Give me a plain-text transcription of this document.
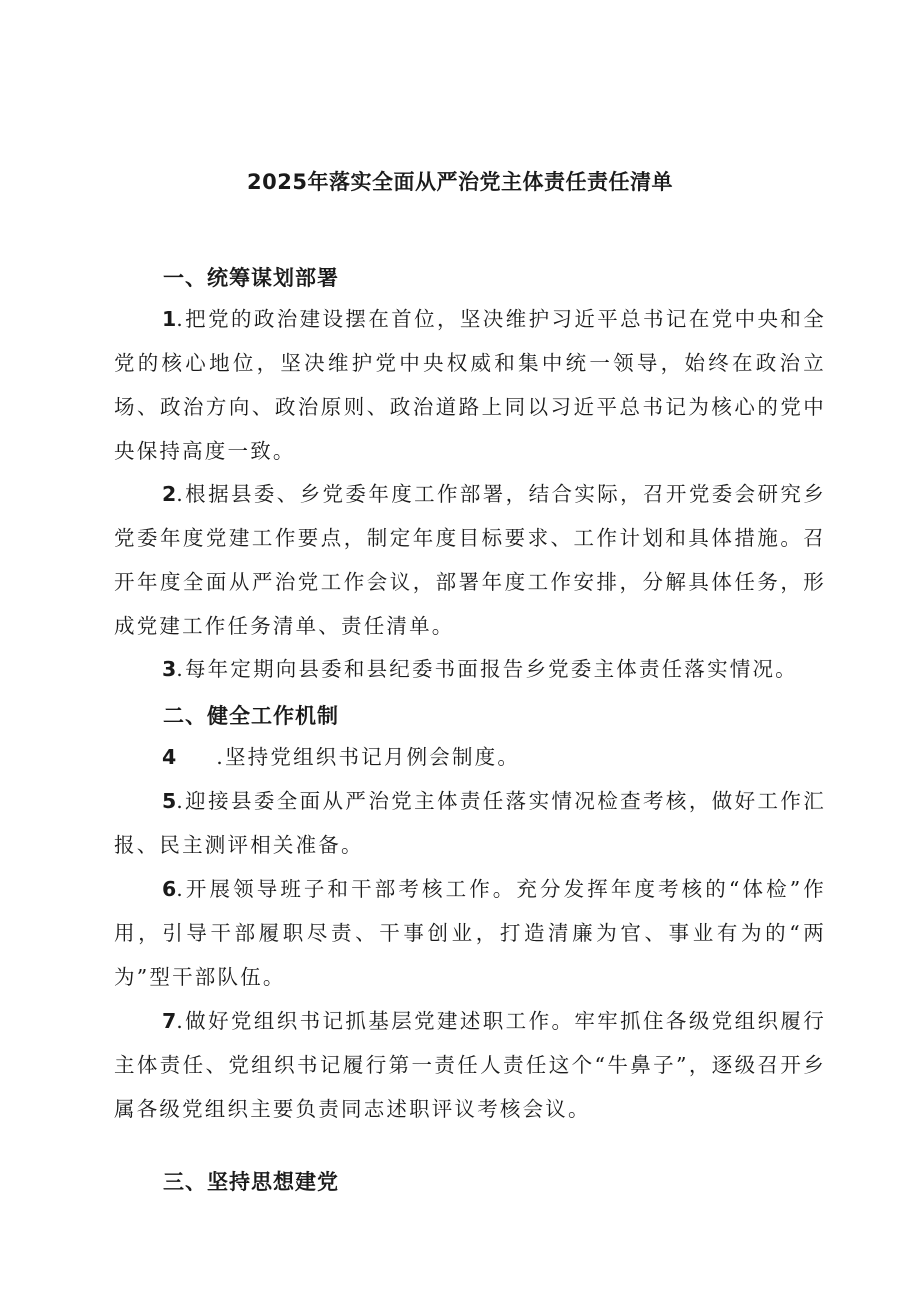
2025年落实全面从严治党主体责任责任清单
一、统筹谋划部署

1.把党的政治建设摆在首位，坚决维护习近平总书记在党中央和全党的核心地位，坚决维护党中央权威和集中统一领导，始终在政治立场、政治方向、政治原则、政治道路上同以习近平总书记为核心的党中央保持高度一致。

2.根据县委、乡党委年度工作部署，结合实际，召开党委会研究乡党委年度党建工作要点，制定年度目标要求、工作计划和具体措施。召开年度全面从严治党工作会议，部署年度工作安排，分解具体任务，形成党建工作任务清单、责任清单。

3.每年定期向县委和县纪委书面报告乡党委主体责任落实情况。

二、健全工作机制

4 .坚持党组织书记月例会制度。

5.迎接县委全面从严治党主体责任落实情况检查考核，做好工作汇报、民主测评相关准备。

6.开展领导班子和干部考核工作。充分发挥年度考核的“体检”作用，引导干部履职尽责、干事创业，打造清廉为官、事业有为的“两为”型干部队伍。

7.做好党组织书记抓基层党建述职工作。牢牢抓住各级党组织履行主体责任、党组织书记履行第一责任人责任这个“牛鼻子”，逐级召开乡属各级党组织主要负责同志述职评议考核会议。

三、坚持思想建党
